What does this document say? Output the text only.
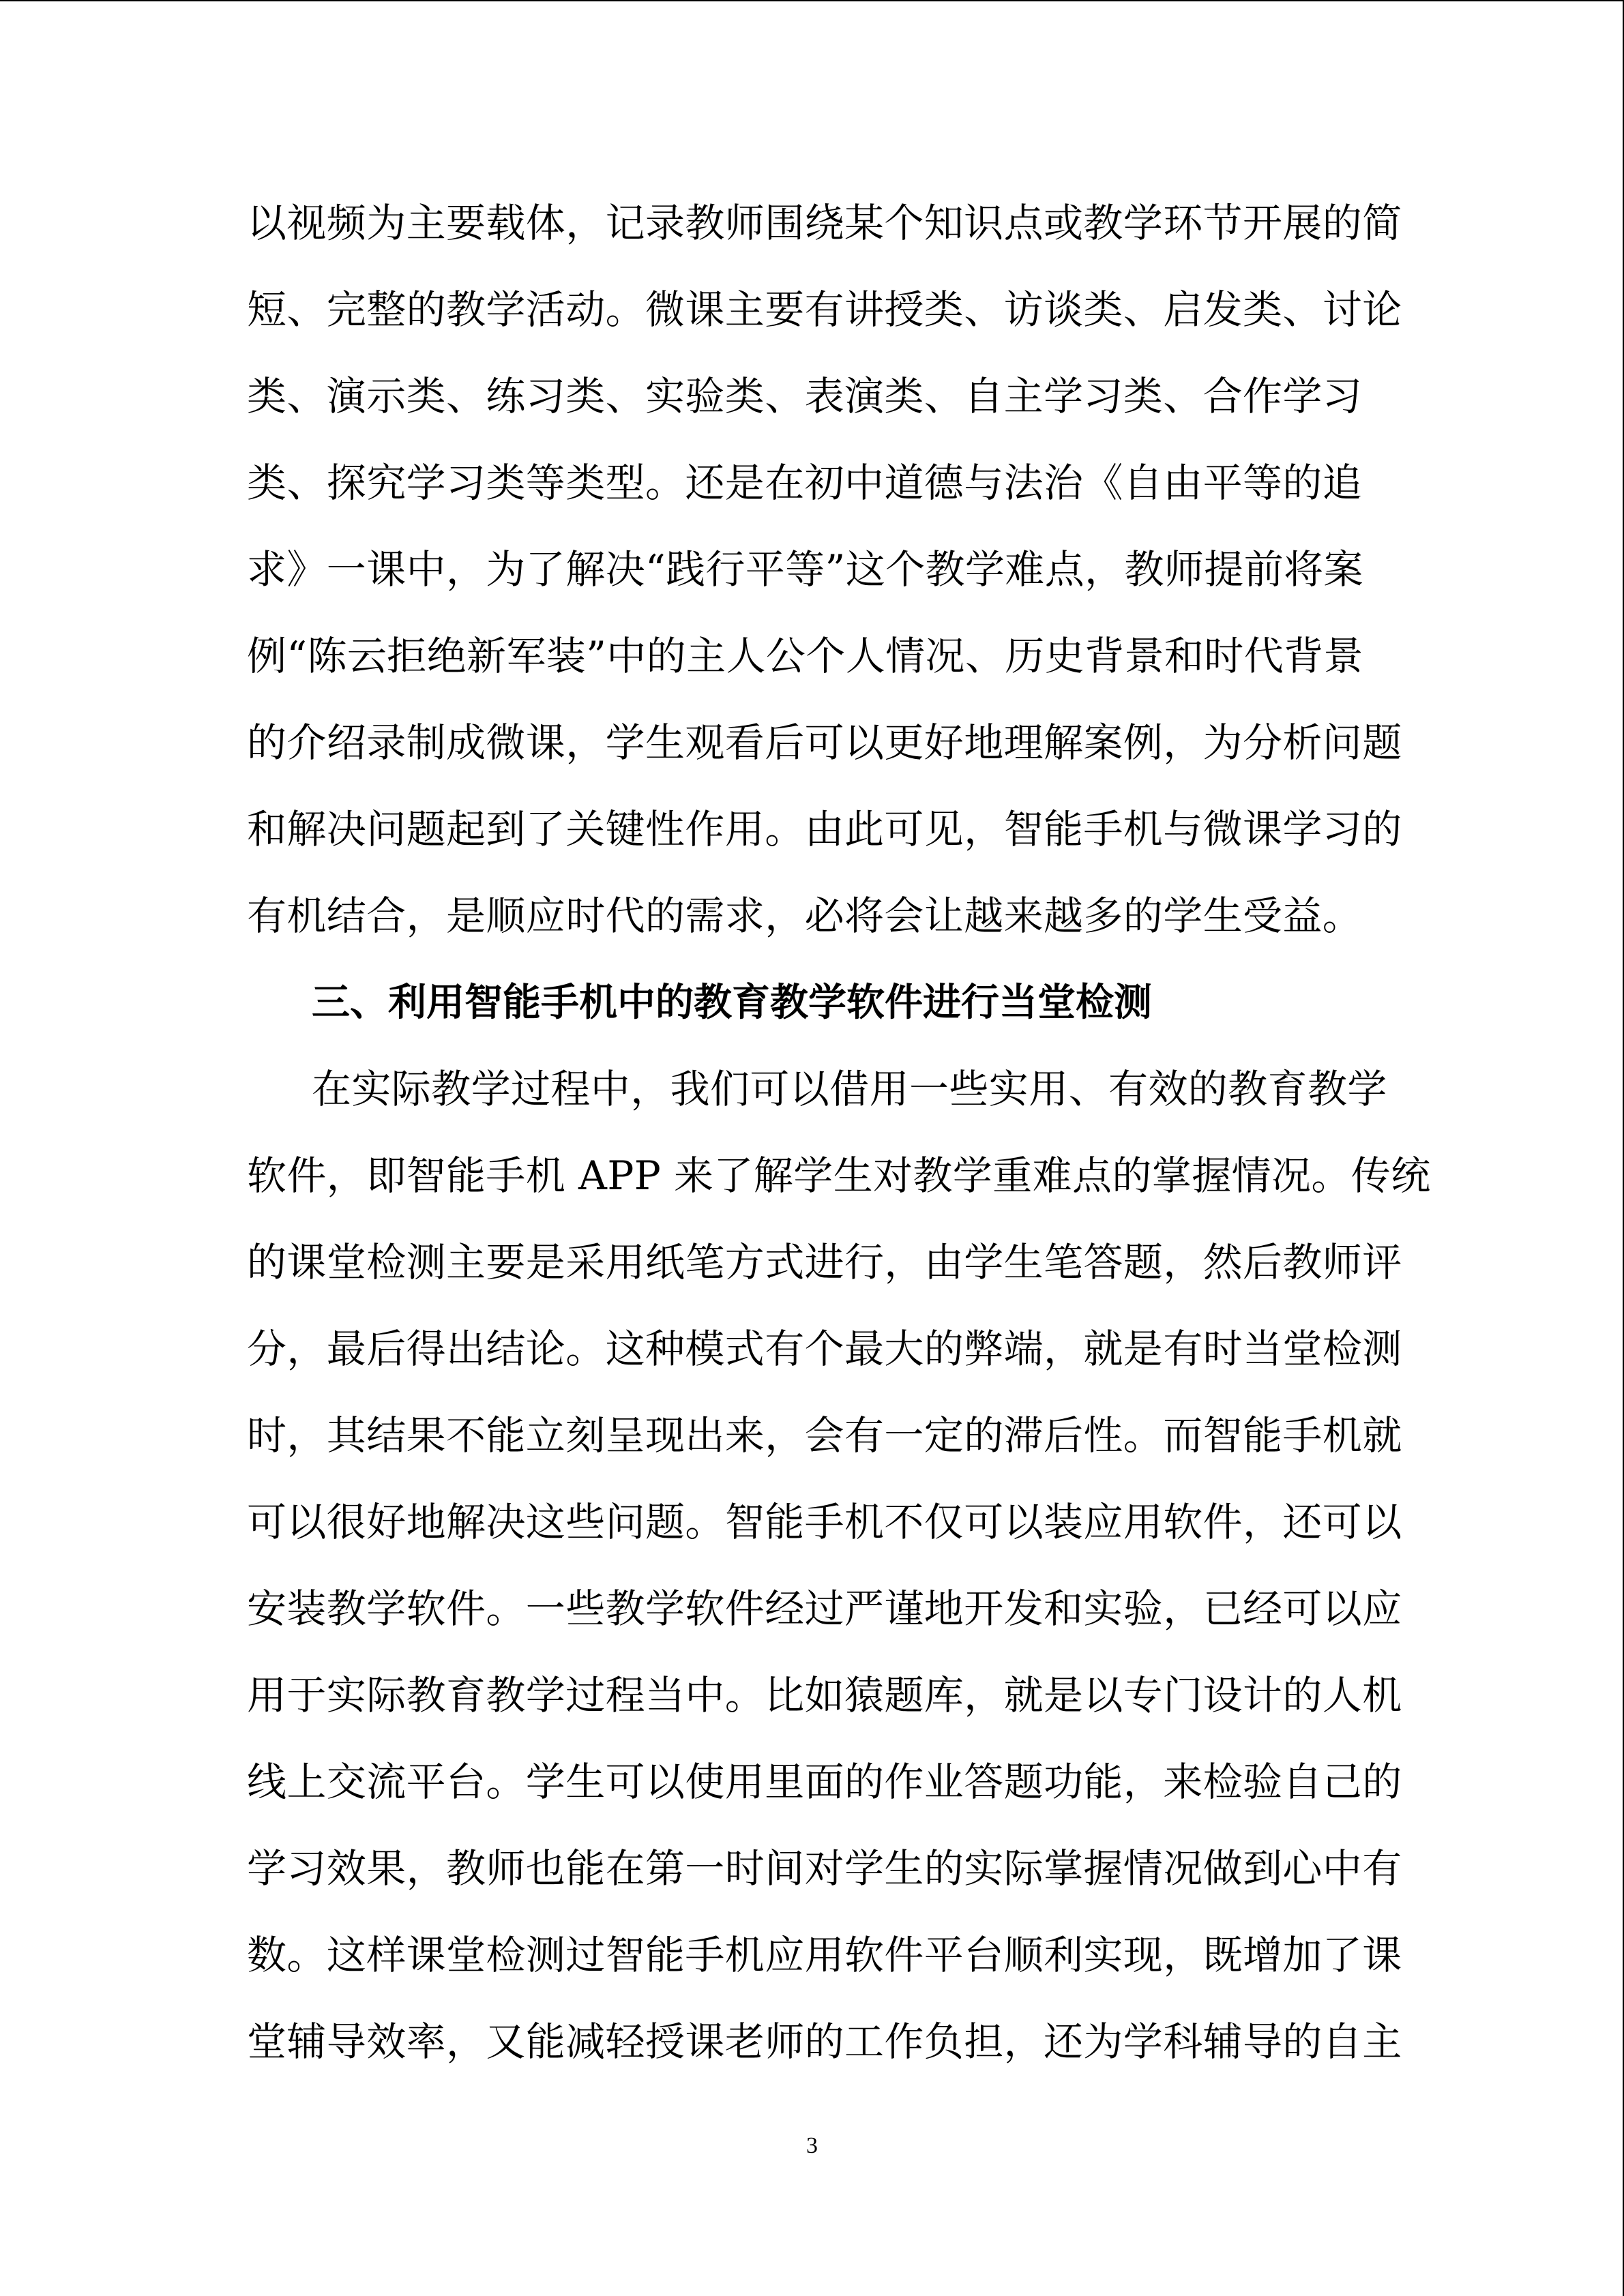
以视频为主要载体，记录教师围绕某个知识点或教学环节开展的简
短、完整的教学活动。微课主要有讲授类、访谈类、启发类、讨论
类、演示类、练习类、实验类、表演类、自主学习类、合作学习
类、探究学习类等类型。还是在初中道德与法治《自由平等的追
求》一课中，为了解决“践行平等”这个教学难点，教师提前将案
例“陈云拒绝新军装”中的主人公个人情况、历史背景和时代背景
的介绍录制成微课，学生观看后可以更好地理解案例，为分析问题
和解决问题起到了关键性作用。由此可见，智能手机与微课学习的
有机结合，是顺应时代的需求，必将会让越来越多的学生受益。
三、利用智能手机中的教育教学软件进行当堂检测
在实际教学过程中，我们可以借用一些实用、有效的教育教学
软件，即智能手机 APP 来了解学生对教学重难点的掌握情况。传统
的课堂检测主要是采用纸笔方式进行，由学生笔答题，然后教师评
分，最后得出结论。这种模式有个最大的弊端，就是有时当堂检测
时，其结果不能立刻呈现出来，会有一定的滞后性。而智能手机就
可以很好地解决这些问题。智能手机不仅可以装应用软件，还可以
安装教学软件。一些教学软件经过严谨地开发和实验，已经可以应
用于实际教育教学过程当中。比如猿题库，就是以专门设计的人机
线上交流平台。学生可以使用里面的作业答题功能，来检验自己的
学习效果，教师也能在第一时间对学生的实际掌握情况做到心中有
数。这样课堂检测过智能手机应用软件平台顺利实现，既增加了课
堂辅导效率，又能减轻授课老师的工作负担，还为学科辅导的自主
3
